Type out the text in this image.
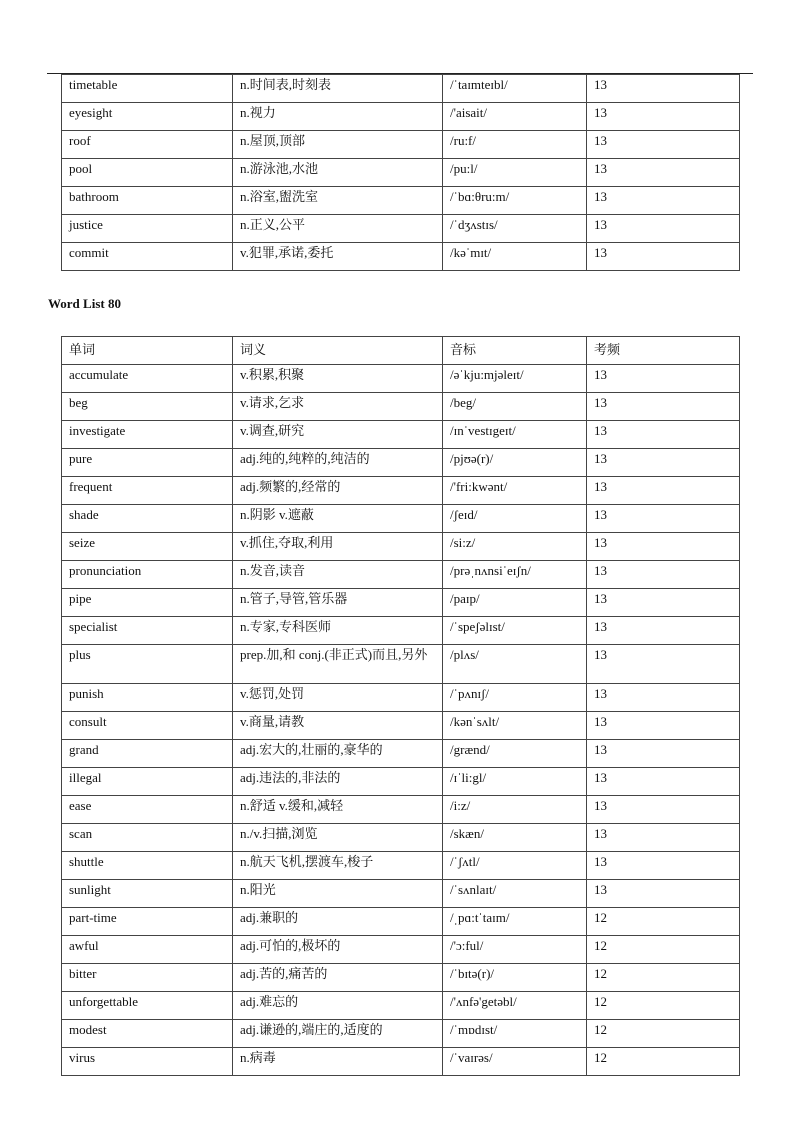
timetable	n.时间表,时刻表	/ˈtaɪmteɪbl/	13
eyesight	n.视力	/'aisait/	13
roof	n.屋顶,顶部	/ru:f/	13
pool	n.游泳池,水池	/pu:l/	13
bathroom	n.浴室,盥洗室	/ˈbɑ:θru:m/	13
justice	n.正义,公平	/ˈdʒʌstɪs/	13
commit	v.犯罪,承诺,委托	/kəˈmɪt/	13
Word List 80
单词	词义	音标	考频
accumulate	v.积累,积聚	/əˈkju:mjəleɪt/	13
beg	v.请求,乞求	/beg/	13
investigate	v.调查,研究	/ɪnˈvestɪgeɪt/	13
pure	adj.纯的,纯粹的,纯洁的	/pjʊə(r)/	13
frequent	adj.频繁的,经常的	/'fri:kwənt/	13
shade	n.阴影 v.遮蔽	/ʃeɪd/	13
seize	v.抓住,夺取,利用	/si:z/	13
pronunciation	n.发音,读音	/prəˌnʌnsiˈeɪʃn/	13
pipe	n.管子,导管,管乐器	/paɪp/	13
specialist	n.专家,专科医师	/ˈspeʃəlɪst/	13
plus	prep.加,和 conj.(非正式)而且,另外	/plʌs/	13
punish	v.惩罚,处罚	/ˈpʌnɪʃ/	13
consult	v.商量,请教	/kənˈsʌlt/	13
grand	adj.宏大的,壮丽的,豪华的	/grænd/	13
illegal	adj.违法的,非法的	/ɪˈli:gl/	13
ease	n.舒适 v.缓和,减轻	/i:z/	13
scan	n./v.扫描,浏览	/skæn/	13
shuttle	n.航天飞机,摆渡车,梭子	/ˈʃʌtl/	13
sunlight	n.阳光	/ˈsʌnlaɪt/	13
part-time	adj.兼职的	/ˌpɑ:tˈtaɪm/	12
awful	adj.可怕的,极坏的	/'ɔ:ful/	12
bitter	adj.苦的,痛苦的	/ˈbɪtə(r)/	12
unforgettable	adj.难忘的	/'ʌnfə'getəbl/	12
modest	adj.谦逊的,端庄的,适度的	/ˈmɒdɪst/	12
virus	n.病毒	/ˈvaɪrəs/	12
